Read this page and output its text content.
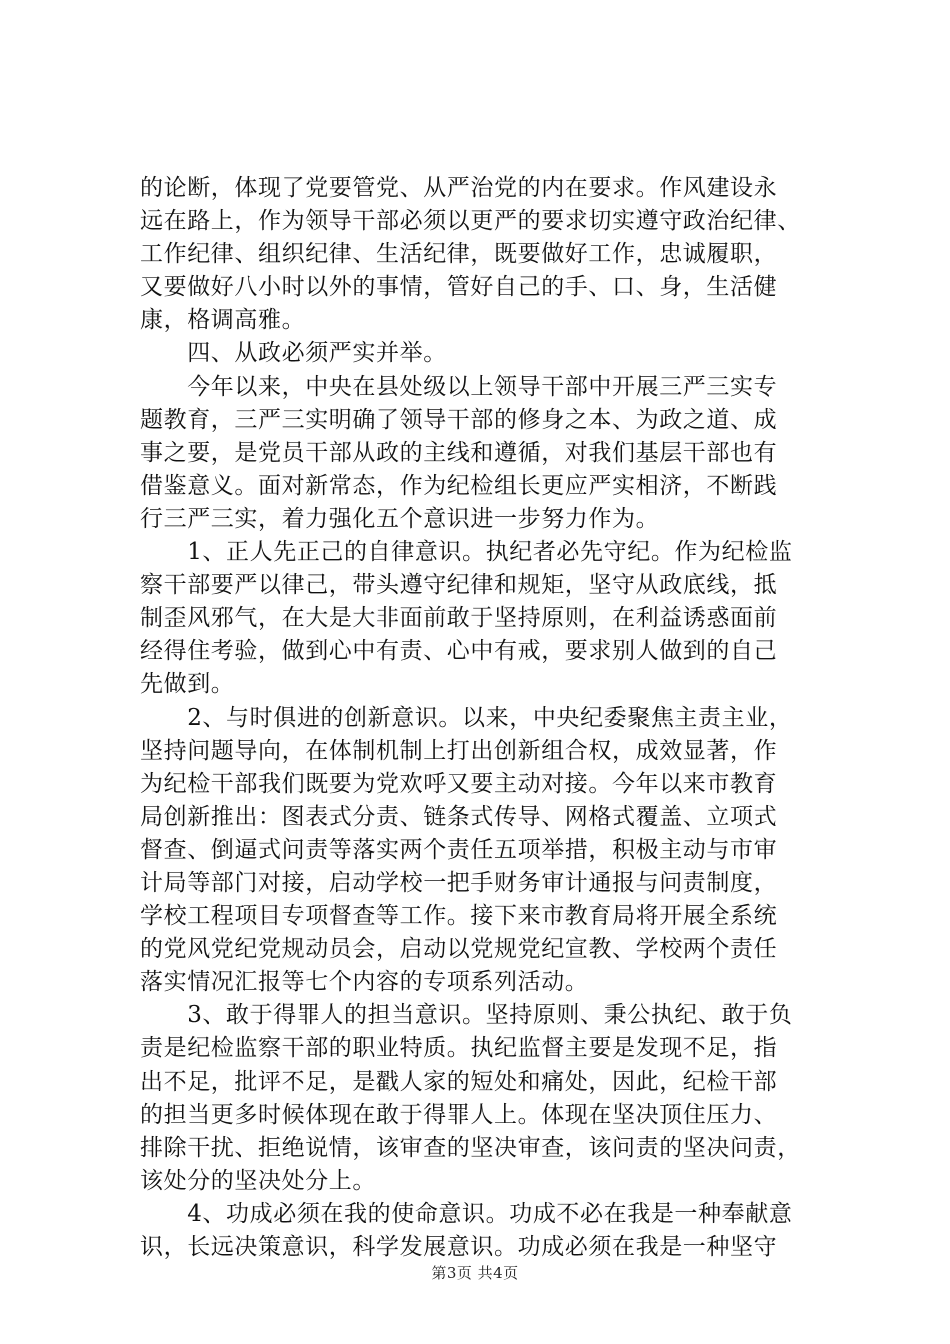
的论断，体现了党要管党、从严治党的内在要求。作风建设永
远在路上，作为领导干部必须以更严的要求切实遵守政治纪律、
工作纪律、组织纪律、生活纪律，既要做好工作，忠诚履职，
又要做好八小时以外的事情，管好自己的手、口、身，生活健
康，格调高雅。
　　四、从政必须严实并举。
　　今年以来，中央在县处级以上领导干部中开展三严三实专
题教育，三严三实明确了领导干部的修身之本、为政之道、成
事之要，是党员干部从政的主线和遵循，对我们基层干部也有
借鉴意义。面对新常态，作为纪检组长更应严实相济，不断践
行三严三实，着力强化五个意识进一步努力作为。
　　1、正人先正己的自律意识。执纪者必先守纪。作为纪检监
察干部要严以律己，带头遵守纪律和规矩，坚守从政底线，抵
制歪风邪气，在大是大非面前敢于坚持原则，在利益诱惑面前
经得住考验，做到心中有责、心中有戒，要求别人做到的自己
先做到。
　　2、与时俱进的创新意识。以来，中央纪委聚焦主责主业，
坚持问题导向，在体制机制上打出创新组合权，成效显著，作
为纪检干部我们既要为党欢呼又要主动对接。今年以来市教育
局创新推出：图表式分责、链条式传导、网格式覆盖、立项式
督查、倒逼式问责等落实两个责任五项举措，积极主动与市审
计局等部门对接，启动学校一把手财务审计通报与问责制度，
学校工程项目专项督查等工作。接下来市教育局将开展全系统
的党风党纪党规动员会，启动以党规党纪宣教、学校两个责任
落实情况汇报等七个内容的专项系列活动。
　　3、敢于得罪人的担当意识。坚持原则、秉公执纪、敢于负
责是纪检监察干部的职业特质。执纪监督主要是发现不足，指
出不足，批评不足，是戳人家的短处和痛处，因此，纪检干部
的担当更多时候体现在敢于得罪人上。体现在坚决顶住压力、
排除干扰、拒绝说情，该审查的坚决审查，该问责的坚决问责，
该处分的坚决处分上。
　　4、功成必须在我的使命意识。功成不必在我是一种奉献意
识，长远决策意识，科学发展意识。功成必须在我是一种坚守
第3页 共4页
